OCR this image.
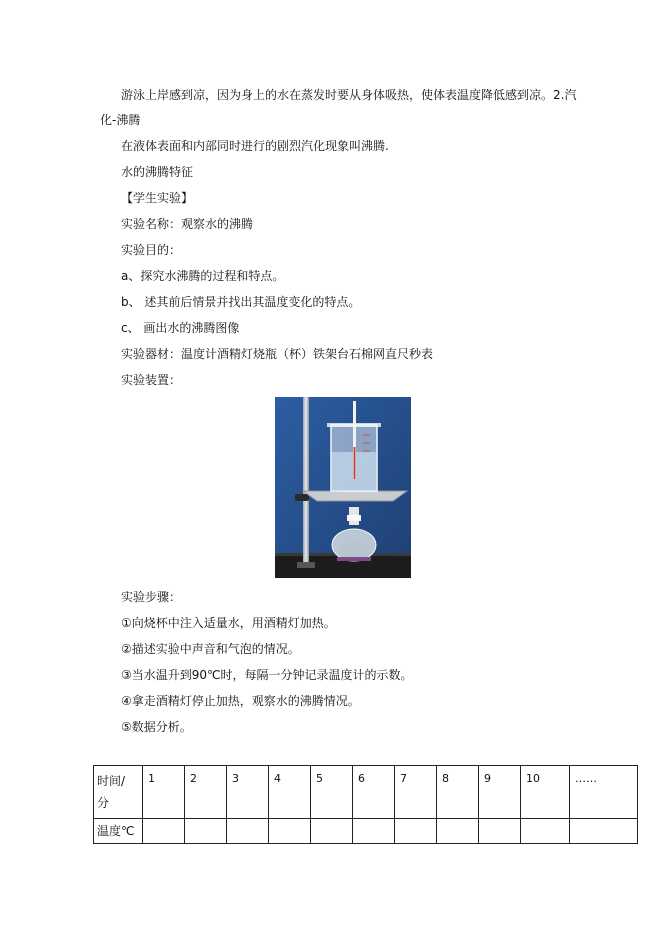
游泳上岸感到凉，因为身上的水在蒸发时要从身体吸热，使体表温度降低感到凉。2.汽
化-沸腾
在液体表面和内部同时进行的剧烈汽化现象叫沸腾.
水的沸腾特征
【学生实验】
实验名称：观察水的沸腾
实验目的：
a、探究水沸腾的过程和特点。
b、 述其前后情景并找出其温度变化的特点。
c、 画出水的沸腾图像
实验器材：温度计酒精灯烧瓶（杯）铁架台石棉网直尺秒表
实验装置：
实验步骤：
①向烧杯中注入适量水，用酒精灯加热。
②描述实验中声音和气泡的情况。
③当水温升到90℃时，每隔一分钟记录温度计的示数。
④拿走酒精灯停止加热，观察水的沸腾情况。
⑤数据分析。
时间/
分	1	2	3	4	5	6	7	8	9	10	……
温度℃											
